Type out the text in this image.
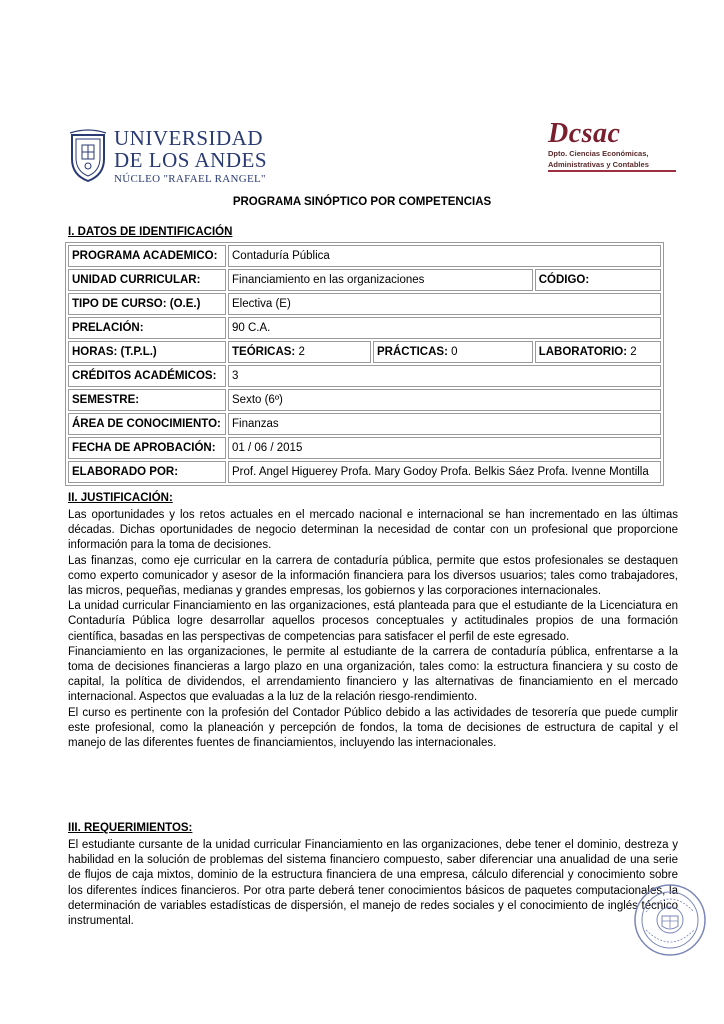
UNIVERSIDAD
DE LOS ANDES
NÚCLEO "RAFAEL RANGEL"
Dcsac
Dpto. Ciencias Económicas,
Administrativas y Contables
PROGRAMA SINÓPTICO POR COMPETENCIAS
I. DATOS DE IDENTIFICACIÓN
PROGRAMA ACADEMICO:	Contaduría Pública		
UNIDAD CURRICULAR:	Financiamiento en las organizaciones		CÓDIGO:
TIPO DE CURSO: (O.E.)	Electiva (E)		
PRELACIÓN:	90 C.A.		
HORAS: (T.P.L.)	TEÓRICAS: 2	PRÁCTICAS: 0	LABORATORIO: 2
CRÉDITOS ACADÉMICOS:	3		
SEMESTRE:	Sexto (6º)		
ÁREA DE CONOCIMIENTO:	Finanzas		
FECHA DE APROBACIÓN:	01 / 06 / 2015		
ELABORADO POR:	Prof. Angel Higuerey Profa. Mary Godoy Profa. Belkis Sáez Profa. Ivenne Montilla		
II. JUSTIFICACIÓN:

Las oportunidades y los retos actuales en el mercado nacional e internacional se han incrementado en las últimas décadas. Dichas oportunidades de negocio determinan la necesidad de contar con un profesional que proporcione información para la toma de decisiones.

Las finanzas, como eje curricular en la carrera de contaduría pública, permite que estos profesionales se destaquen como experto comunicador y asesor de la información financiera para los diversos usuarios; tales como trabajadores, las micros, pequeñas, medianas y grandes empresas, los gobiernos y las corporaciones internacionales.

La unidad curricular Financiamiento en las organizaciones, está planteada para que el estudiante de la Licenciatura en Contaduría Pública logre desarrollar aquellos procesos conceptuales y actitudinales propios de una formación científica, basadas en las perspectivas de competencias para satisfacer el perfil de este egresado.

Financiamiento en las organizaciones, le permite al estudiante de la carrera de contaduría pública, enfrentarse a la toma de decisiones financieras a largo plazo en una organización, tales como: la estructura financiera y su costo de capital, la política de dividendos, el arrendamiento financiero y las alternativas de financiamiento en el mercado internacional. Aspectos que evaluadas a la luz de la relación riesgo-rendimiento.

El curso es pertinente con la profesión del Contador Público debido a las actividades de tesorería que puede cumplir este profesional, como la planeación y percepción de fondos, la toma de decisiones de estructura de capital y el manejo de las diferentes fuentes de financiamientos, incluyendo las internacionales.

III. REQUERIMIENTOS:

El estudiante cursante de la unidad curricular Financiamiento en las organizaciones, debe tener el dominio, destreza y habilidad en la solución de problemas del sistema financiero compuesto, saber diferenciar una anualidad de una serie de flujos de caja mixtos, dominio de la estructura financiera de una empresa, cálculo diferencial y conocimiento sobre los diferentes índices financieros. Por otra parte deberá tener conocimientos básicos de paquetes computacionales, la determinación de variables estadísticas de dispersión, el manejo de redes sociales y el conocimiento de inglés técnico instrumental.
